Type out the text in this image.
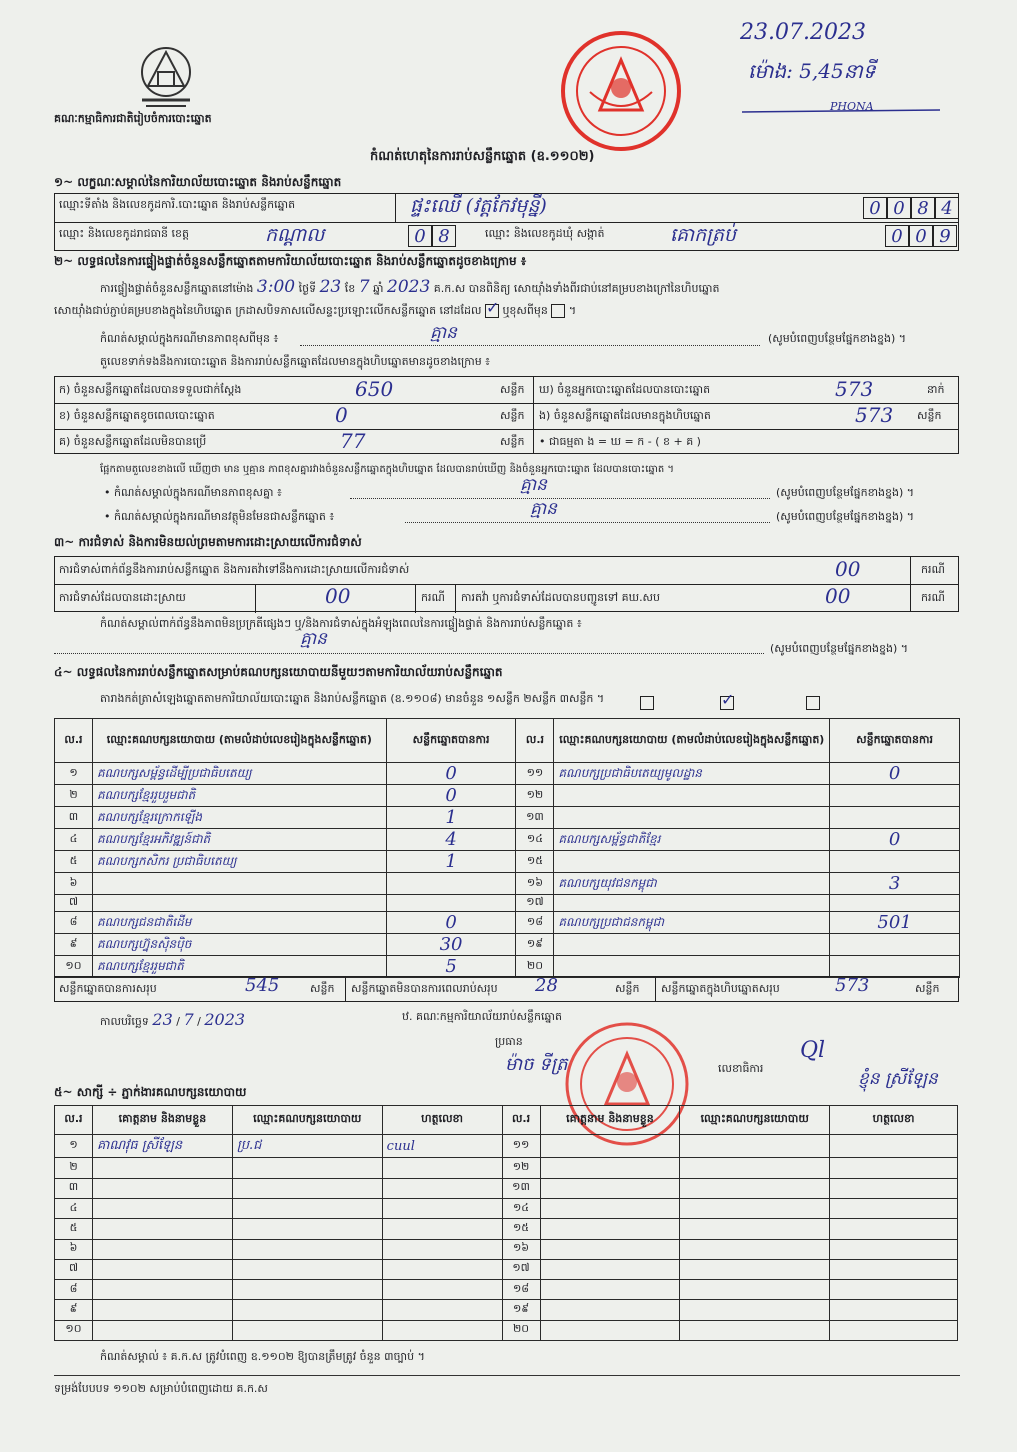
គណៈកម្មាធិការជាតិរៀបចំការបោះឆ្នោត
កំណត់ហេតុនៃការរាប់សន្លឹកឆ្នោត (ឧ.១១០២)
23.07.2023
ម៉ោង: 5,45នាទី
PHONA
១~ លក្ខណៈសម្គាល់នៃការិយាល័យបោះឆ្នោត និងរាប់សន្លឹកឆ្នោត
ឈ្មោះទីតាំង និងលេខកូដការិ.បោះឆ្នោត និងរាប់សន្លឹកឆ្នោត	ផ្ទះឈើ (វត្តកែវមុន្នី)	0 0 8 4
ឈ្មោះ និងលេខកូដរាជធានី ខេត្ត	កណ្ដាល	0 8	ឈ្មោះ និងលេខកូដឃុំ សង្កាត់	គោកត្រប់	0 0 9
២~ លទ្ធផលនៃការផ្ទៀងផ្ទាត់ចំនួនសន្លឹកឆ្នោតតាមការិយាល័យបោះឆ្នោត និងរាប់សន្លឹកឆ្នោតដូចខាងក្រោម ៖
ការផ្ទៀងផ្ទាត់ចំនួនសន្លឹកឆ្នោតនៅម៉ោង 3:00 ថ្ងៃទី 23 ខែ 7 ឆ្នាំ 2023 គ.ក.ស បានពិនិត្យ សោយ៉ាំងទាំងពីរជាប់នៅគម្របខាងក្រៅនៃហិបឆ្នោត
សោយ៉ាំងជាប់ភ្ជាប់គម្របខាងក្នុងនៃហិបឆ្នោត ក្រដាសបិទភាសលើសន្ទះប្រឡោះលើកសន្លឹកឆ្នោត នៅដដែល ✓ ឬខុសពីមុន  ។
កំណត់សម្គាល់ក្នុងករណីមានភាពខុសពីមុន ៖	គ្មាន	(សូមបំពេញបន្ថែមផ្នែកខាងខ្នង) ។
តួលេខទាក់ទងនឹងការបោះឆ្នោត និងការរាប់សន្លឹកឆ្នោតដែលមានក្នុងហិបឆ្នោតមានដូចខាងក្រោម ៖
ក) ចំនួនសន្លឹកឆ្នោតដែលបានទទួលជាក់ស្ដែង	650	សន្លឹក ឃ) ចំនួនអ្នកបោះឆ្នោតដែលបានបោះឆ្នោត	573	នាក់
ខ) ចំនួនសន្លឹកឆ្នោតខូចពេលបោះឆ្នោត	0	សន្លឹក ង) ចំនួនសន្លឹកឆ្នោតដែលមានក្នុងហិបឆ្នោត	573 សន្លឹក
គ) ចំនួនសន្លឹកឆ្នោតដែលមិនបានប្រើ	77	សន្លឹក • ជាធម្មតា ង = ឃ = ក - ( ខ + គ )
ផ្អែកតាមតួលេខខាងលើ ឃើញថា មាន ឬគ្មាន ភាពខុសគ្នារវាងចំនួនសន្លឹកឆ្នោតក្នុងហិបឆ្នោត ដែលបានរាប់ឃើញ និងចំនួនអ្នកបោះឆ្នោត ដែលបានបោះឆ្នោត ។
• កំណត់សម្គាល់ក្នុងករណីមានភាពខុសគ្នា ៖	គ្មាន	(សូមបំពេញបន្ថែមផ្នែកខាងខ្នង) ។
• កំណត់សម្គាល់ក្នុងករណីមានវត្ថុមិនមែនជាសន្លឹកឆ្នោត ៖	គ្មាន	(សូមបំពេញបន្ថែមផ្នែកខាងខ្នង) ។
៣~ ការជំទាស់ និងការមិនយល់ព្រមតាមការដោះស្រាយលើការជំទាស់
ការជំទាស់ពាក់ព័ន្ធនឹងការរាប់សន្លឹកឆ្នោត និងការតវ៉ាទៅនឹងការដោះស្រាយលើការជំទាស់	00	ករណី
ការជំទាស់ដែលបានដោះស្រាយ	00	ករណី ការតវ៉ា ឬការជំទាស់ដែលបានបញ្ជូនទៅ គឃ.សប	00	ករណី
កំណត់សម្គាល់ពាក់ព័ន្ធនឹងភាពមិនប្រក្រតីផ្សេងៗ ឬ/និងការជំទាស់ក្នុងអំឡុងពេលនៃការផ្ទៀងផ្ទាត់ និងការរាប់សន្លឹកឆ្នោត ៖
គ្មាន	(សូមបំពេញបន្ថែមផ្នែកខាងខ្នង) ។
៤~ លទ្ធផលនៃការរាប់សន្លឹកឆ្នោតសម្រាប់គណបក្សនយោបាយនីមួយៗតាមការិយាល័យរាប់សន្លឹកឆ្នោត
តារាងកត់ត្រាសំឡេងឆ្នោតតាមការិយាល័យបោះឆ្នោត និងរាប់សន្លឹកឆ្នោត (ឧ.១១០៨) មានចំនួន ១សន្លឹក ២សន្លឹក ៣សន្លឹក ។
✓
ល.រ	ឈ្មោះគណបក្សនយោបាយ (តាមលំដាប់លេខរៀងក្នុងសន្លឹកឆ្នោត)	សន្លឹកឆ្នោតបានការ	ល.រ	ឈ្មោះគណបក្សនយោបាយ (តាមលំដាប់លេខរៀងក្នុងសន្លឹកឆ្នោត)	សន្លឹកឆ្នោតបានការ
១	គណបក្សសម្ព័ន្ធដើម្បីប្រជាធិបតេយ្យ	0	១១	គណបក្សប្រជាធិបតេយ្យមូលដ្ឋាន	0
២	គណបក្សខ្មែររួបរួមជាតិ	0	១២		
៣	គណបក្សខ្មែរក្រោកឡើង	1	១៣		
៤	គណបក្សខ្មែរអភិវឌ្ឍន៍ជាតិ	4	១៤	គណបក្សសម្ព័ន្ធជាតិខ្មែរ	0
៥	គណបក្សកសិករ ប្រជាធិបតេយ្យ	1	១៥		
៦			១៦	គណបក្សយុវជនកម្ពុជា	3
៧			១៧		
៨	គណបក្សជនជាតិដើម	0	១៨	គណបក្សប្រជាជនកម្ពុជា	501
៩	គណបក្សហ្វ៊ុនស៊ិនប៉ិច	30	១៩		
១០	គណបក្សខ្មែររួមជាតិ	5	២០		
សន្លឹកឆ្នោតបានការសរុប	545	សន្លឹក សន្លឹកឆ្នោតមិនបានការពេលរាប់សរុប 28	សន្លឹក សន្លឹកឆ្នោតក្នុងហិបឆ្នោតសរុប	573	សន្លឹក
កាលបរិច្ឆេទ 23 / 7 / 2023	ឋ. គណៈកម្មការិយាល័យរាប់សន្លឹកឆ្នោត
ប្រធាន
ម៉ាច ទីត្រ	លេខាធិការ
Ql
ខ្ញុំន ស្រីឡែន
៥~ សាក្សី ÷ ភ្នាក់ងារគណបក្សនយោបាយ
ល.រ	គោត្តនាម និងនាមខ្លួន	ឈ្មោះគណបក្សនយោបាយ	ហត្ថលេខា	ល.រ	គោត្តនាម និងនាមខ្លួន	ឈ្មោះគណបក្សនយោបាយ	ហត្ថលេខា
១	គាណវុធ ស្រីឡែន	ប្រ.ជ	cuul	១១			
២				១២			
៣				១៣			
៤				១៤			
៥				១៥			
៦				១៦			
៧				១៧			
៨				១៨			
៩				១៩			
១០				២០			
កំណត់សម្គាល់ ៖ គ.ក.ស ត្រូវបំពេញ ឧ.១១០២ ឱ្យបានត្រឹមត្រូវ ចំនួន ៣ច្បាប់ ។
ទម្រង់បែបបទ ១១០២ សម្រាប់បំពេញដោយ គ.ក.ស
